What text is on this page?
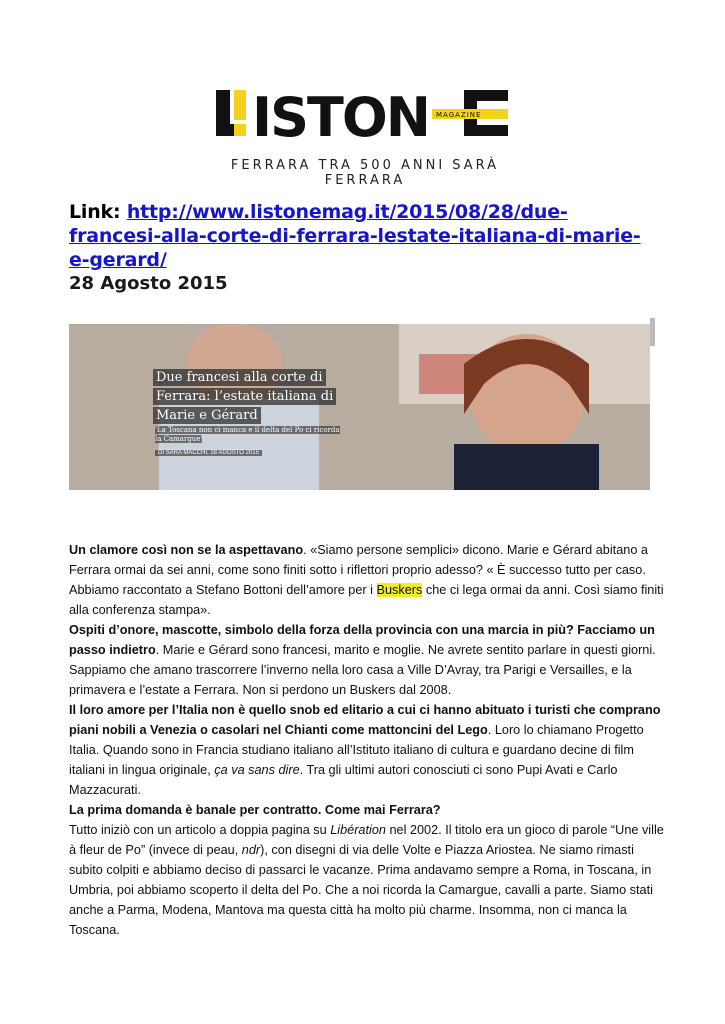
ISTON MAGAZINE
FERRARA TRA 500 ANNI SARÀ FERRARA
Link: http://www.listonemag.it/2015/08/28/due-francesi-alla-corte-di-ferrara-lestate-italiana-di-marie-e-gerard/
28 Agosto 2015
Due francesi alla corte di
Ferrara: l’estate italiana di
Marie e Gérard
'La Toscana non ci manca e il delta del Po ci ricorda la Camargue'
DI SARA MACCHI, 28 AGOSTO 2015

Un clamore così non se la aspettavano. «Siamo persone semplici» dicono. Marie e Gérard abitano a Ferrara ormai da sei anni, come sono finiti sotto i riflettori proprio adesso? « È successo tutto per caso. Abbiamo raccontato a Stefano Bottoni dell’amore per i Buskers che ci lega ormai da anni. Così siamo finiti alla conferenza stampa».

Ospiti d’onore, mascotte, simbolo della forza della provincia con una marcia in più? Facciamo un passo indietro. Marie e Gérard sono francesi, marito e moglie. Ne avrete sentito parlare in questi giorni. Sappiamo che amano trascorrere l’inverno nella loro casa a Ville D’Avray, tra Parigi e Versailles, e la primavera e l’estate a Ferrara. Non si perdono un Buskers dal 2008.

Il loro amore per l’Italia non è quello snob ed elitario a cui ci hanno abituato i turisti che comprano piani nobili a Venezia o casolari nel Chianti come mattoncini del Lego. Loro lo chiamano Progetto Italia. Quando sono in Francia studiano italiano all’Istituto italiano di cultura e guardano decine di film italiani in lingua originale, ça va sans dire. Tra gli ultimi autori conosciuti ci sono Pupi Avati e Carlo Mazzacurati.

La prima domanda è banale per contratto. Come mai Ferrara?

Tutto iniziò con un articolo a doppia pagina su Libération nel 2002. Il titolo era un gioco di parole “Une ville à fleur de Po” (invece di peau, ndr), con disegni di via delle Volte e Piazza Ariostea. Ne siamo rimasti subito colpiti e abbiamo deciso di passarci le vacanze. Prima andavamo sempre a Roma, in Toscana, in Umbria, poi abbiamo scoperto il delta del Po. Che a noi ricorda la Camargue, cavalli a parte. Siamo stati anche a Parma, Modena, Mantova ma questa città ha molto più charme. Insomma, non ci manca la Toscana.
